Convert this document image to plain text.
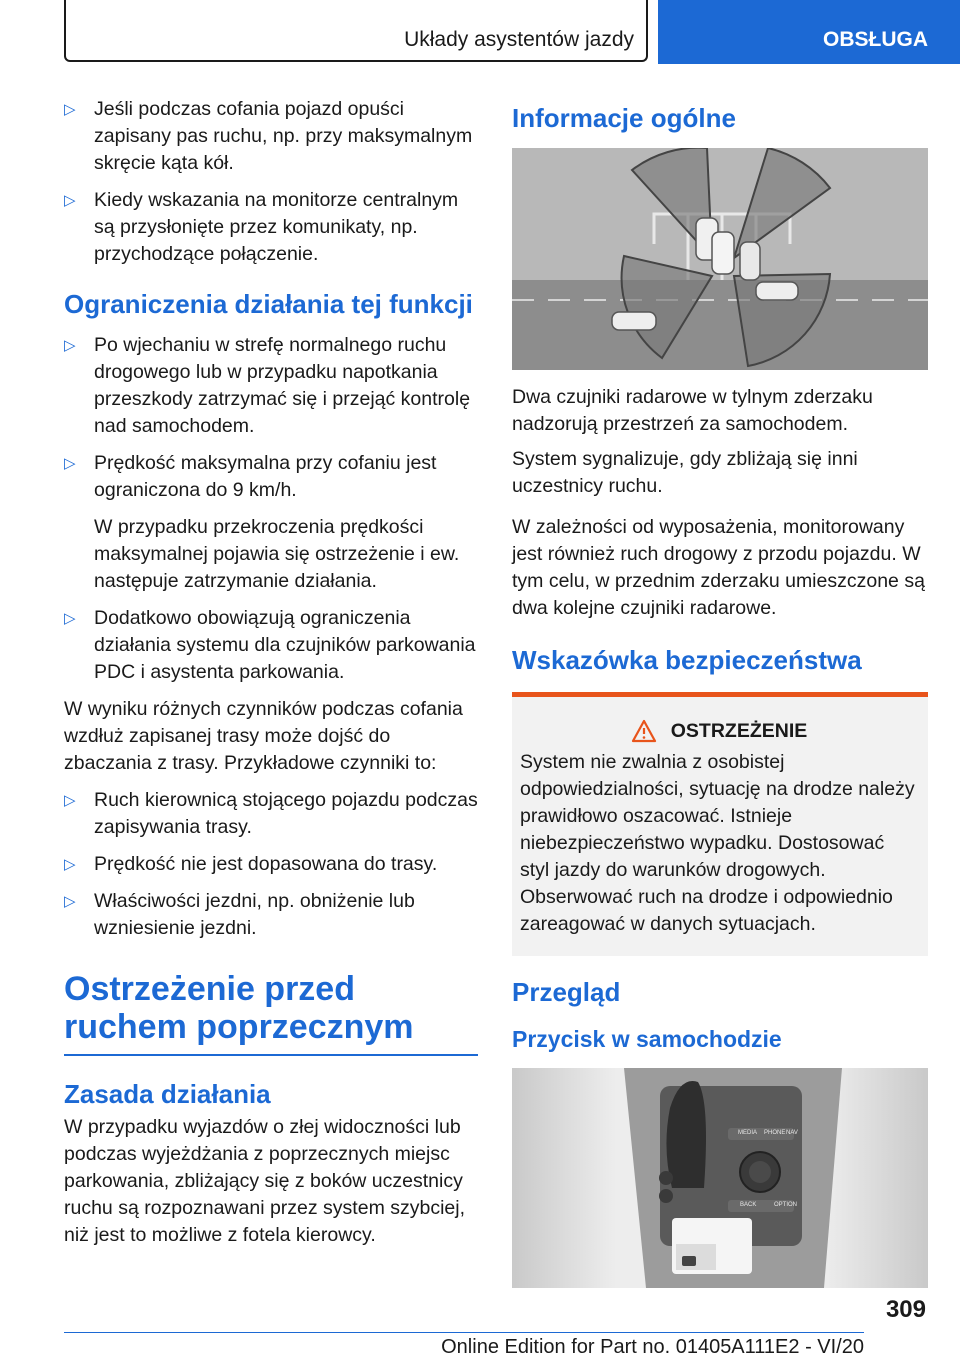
Układy asystentów jazdy	OBSŁUGA
▷ Jeśli podczas cofania pojazd opuści zapisany pas ruchu, np. przy maksymalnym skręcie kąta kół.
▷ Kiedy wskazania na monitorze centralnym są przysłonięte przez komunikaty, np. przychodzące połączenie.
Ograniczenia działania tej funkcji
▷ Po wjechaniu w strefę normalnego ruchu drogowego lub w przypadku napotkania przeszkody zatrzymać się i przejąć kontrolę nad samochodem.
▷ Prędkość maksymalna przy cofaniu jest ograniczona do 9 km/h.

W przypadku przekroczenia prędkości maksymalnej pojawia się ostrzeżenie i ew. następuje zatrzymanie działania.

▷ Dodatkowo obowiązują ograniczenia działania systemu dla czujników parkowania PDC i asystenta parkowania.

W wyniku różnych czynników podczas cofania wzdłuż zapisanej trasy może dojść do zbaczania z trasy. Przykładowe czynniki to:

▷ Ruch kierownicą stojącego pojazdu podczas zapisywania trasy.
▷ Prędkość nie jest dopasowana do trasy.
▷ Właściwości jezdni, np. obniżenie lub wzniesienie jezdni.
Ostrzeżenie przed ruchem poprzecznym
Zasada działania

W przypadku wyjazdów o złej widoczności lub podczas wyjeżdżania z poprzecznych miejsc parkowania, zbliżający się z boków uczestnicy ruchu są rozpoznawani przez system szybciej, niż jest to możliwe z fotela kierowcy.

Informacje ogólne

Dwa czujniki radarowe w tylnym zderzaku nadzorują przestrzeń za samochodem.

System sygnalizuje, gdy zbliżają się inni uczestnicy ruchu.

W zależności od wyposażenia, monitorowany jest również ruch drogowy z przodu pojazdu. W tym celu, w przednim zderzaku umieszczone są dwa kolejne czujniki radarowe.

Wskazówka bezpieczeństwa
OSTRZEŻENIE

System nie zwalnia z osobistej odpowiedzialności, sytuację na drodze należy prawidłowo oszacować. Istnieje niebezpieczeństwo wypadku. Dostosować styl jazdy do warunków drogowych. Obserwować ruch na drodze i odpowiednio zareagować w danych sytuacjach.

Przegląd
Przycisk w samochodzie
MEDIA PHONE NAV
BACK	OPTION
309
Online Edition for Part no. 01405A111E2 - VI/20
